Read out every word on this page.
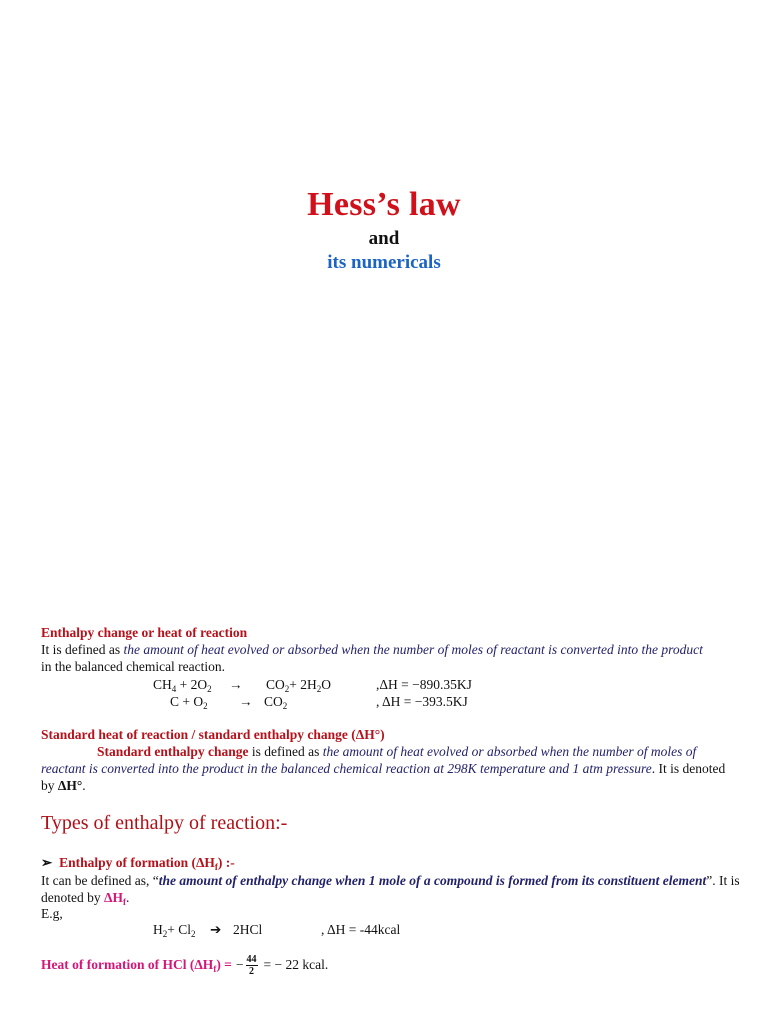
Hess’s law
and
its numericals
Enthalpy change or heat of reaction
It is defined as the amount of heat evolved or absorbed when the number of moles of reactant is converted into the product
in the balanced chemical reaction.
$CH_4 + 2O_2 \to CO_2+ 2H_2O$	,ΔH = −890.35KJ
$C + O_2 \to CO_2$	, ΔH = −393.5KJ
Standard heat of reaction / standard enthalpy change (ΔH°)
Standard enthalpy change is defined as the amount of heat evolved or absorbed when the number of moles of reactant is converted into the product in the balanced chemical reaction at 298K temperature and 1 atm pressure. It is denoted by ΔH°.
Types of enthalpy of reaction:-
➢ Enthalpy of formation $(\Delta H_f)$ :-
It can be defined as, “the amount of enthalpy change when 1 mole of a compound is formed from its constituent element”. It is denoted by $\Delta H_f$.
E.g,
$H_2+ Cl_2$ ➔ 2HCl	, ΔH = -44kcal
Heat of formation of HCl $(\Delta H_f)$ = − $\frac{44}{2}$ = − 22 kcal.
